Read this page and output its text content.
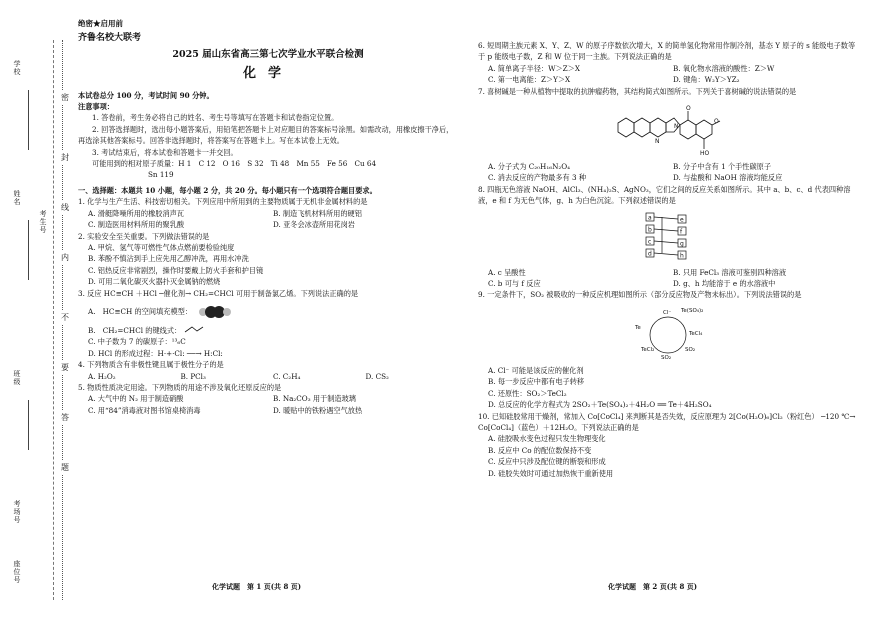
学校
姓名
班级
考场号
座位号
考生号
密
封
线
内
不
要
答
题
绝密★启用前
齐鲁名校大联考
2025 届山东省高三第七次学业水平联合检测
化学
本试卷总分 100 分，考试时间 90 分钟。
注意事项：
1. 答卷前，考生务必将自己的姓名、考生号等填写在答题卡和试卷指定位置。
2. 回答选择题时，选出每小题答案后，用铅笔把答题卡上对应题目的答案标号涂黑。如需改动，用橡皮擦干净后，再选涂其他答案标号。回答非选择题时，将答案写在答题卡上。写在本试卷上无效。
3. 考试结束后，将本试卷和答题卡一并交回。
可能用到的相对原子质量：H 1　C 12　O 16　S 32　Ti 48　Mn 55　Fe 56　Cu 64
Sn 119
一、选择题：本题共 10 小题，每小题 2 分，共 20 分。每小题只有一个选项符合题目要求。
1. 化学与生产生活、科技密切相关。下列应用中所用到的主要物质属于无机非金属材料的是
A. 滑艇降噪所用的橡胶消声瓦	B. 制造飞机材料所用的硬铝
C. 制造医用材料所用的聚乳酸	D. 亚冬会冰壶所用花岗岩
2. 实验安全至关重要。下列做法错误的是
A. 甲烷、氢气等可燃性气体点燃前要检验纯度
B. 苯酚不慎沾到手上应先用乙醇冲洗，再用水冲洗
C. 铝热反应非常剧烈，操作时要戴上防火手套和护目镜
D. 可用二氧化碳灭火器扑灭金属钠的燃烧
3. 反应 HC≡CH ＋HCl ─催化剂→ CH₂=CHCl 可用于制备氯乙烯。下列说法正确的是
A.　HC≡CH 的空间填充模型：
B.　CH₂=CHCl 的键线式：
C. 中子数为 7 的碳原子：¹³₆C
D. HCl 的形成过程：H·+·Cl: ──→ H:Cl:
4. 下列物质含有非极性键且属于极性分子的是
A. H₂O₂	B. PCl₃	C. C₂H₄	D. CS₂
5. 物质性质决定用途。下列物质的用途不涉及氧化还原反应的是
A. 大气中的 N₂ 用于制造硝酸	B. Na₂CO₃ 用于制造玻璃
C. 用“84”消毒液对图书馆桌椅消毒	D. 暖贴中的铁粉遇空气放热
6. 短周期主族元素 X、Y、Z、W 的原子序数依次增大，X 的简单氢化物常用作制冷剂，基态 Y 原子的 s 能级电子数等于 p 能级电子数，Z 和 W 位于同一主族。下列说法正确的是
A. 简单离子半径：W＞Z＞X	B. 氧化物水溶液的酸性：Z＞W
C. 第一电离能：Z＞Y＞X	D. 键角：W₂Y＞YZ₂
7. 喜树碱是一种从植物中提取的抗肿瘤药物，其结构简式如图所示。下列关于喜树碱的说法错误的是
N
N
O
O
HO
A. 分子式为 C₂₀H₁₆N₂O₄	B. 分子中含有 1 个手性碳原子
C. 消去反应的产物最多有 3 种	D. 与盐酸和 NaOH 溶液均能反应
8. 四瓶无色溶液 NaOH、AlCl₃、(NH₄)₂S、AgNO₃，它们之间的反应关系如图所示。其中 a、b、c、d 代表四种溶液，e 和 f 为无色气体，g、h 为白色沉淀。下列叙述错误的是
a
b
c
d
e
f
g
h
A. c 呈酸性	B. 只用 FeCl₃ 溶液可鉴别四种溶液
C. b 可与 f 反应	D. g、h 均能溶于 e 的水溶液中
9. 一定条件下，SO₂ 被吸收的一种反应机理如图所示（部分反应物及产物未标出）。下列说法错误的是
Te(SO₄)₂
Cl⁻
Te
TeCl₄
SO₂
TeCl₂
SO₂
A. Cl⁻ 可能是该反应的催化剂
B. 每一步反应中都有电子转移
C. 还原性：SO₂＞TeCl₂
D. 总反应的化学方程式为 2SO₂＋Te(SO₄)₂＋4H₂O ══ Te＋4H₂SO₄
10. 已知硅胶常用干燥剂，常加入 Co[CoCl₄] 来判断其是否失效，反应原理为 2[Co(H₂O)₆]Cl₂（粉红色） ─120 ℃→ Co[CoCl₄]（蓝色）＋12H₂O。下列说法正确的是
A. 硅胶吸水变色过程只发生物理变化
B. 反应中 Co 的配位数保持不变
C. 反应中只涉及配位键的断裂和形成
D. 硅胶失效时可通过加热恢干重新使用
化学试题　第 1 页(共 8 页)	化学试题　第 2 页(共 8 页)
